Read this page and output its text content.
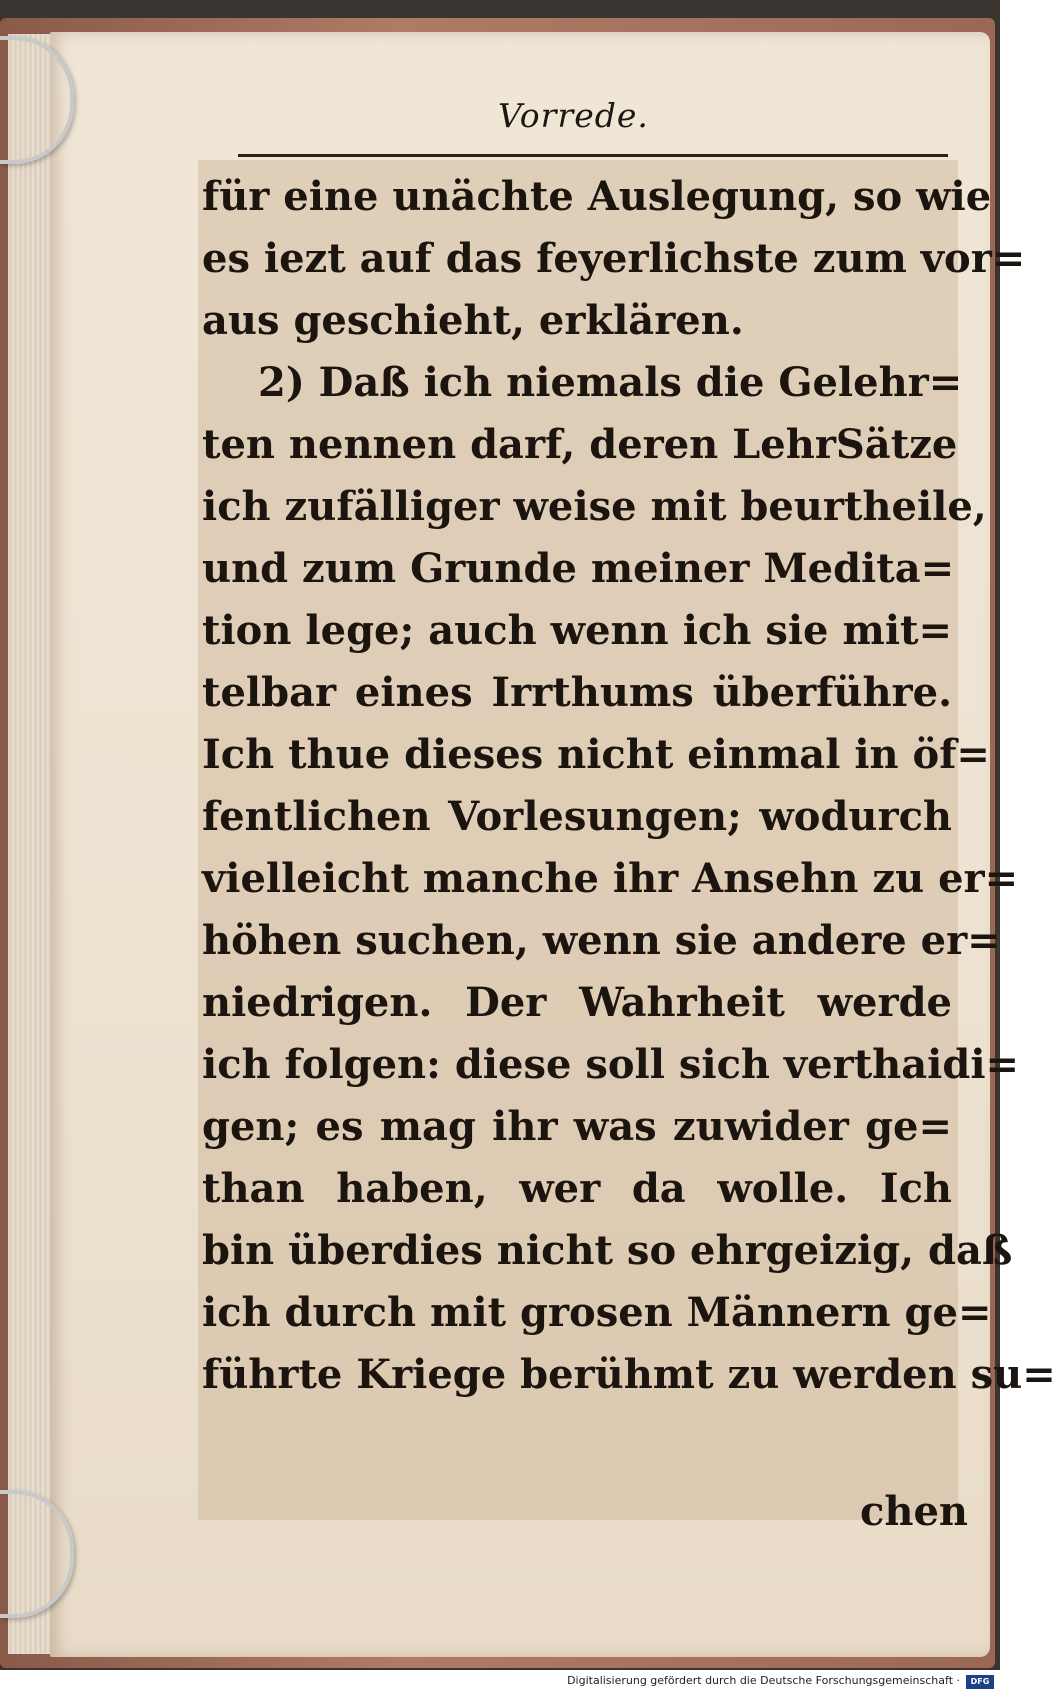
Vorrede.
für eine unächte Auslegung, so wie
es iezt auf das feyerlichste zum vor=
aus geschieht, erklären.
2) Daß ich niemals die Gelehr=
ten nennen darf, deren LehrSätze
ich zufälliger weise mit beurtheile,
und zum Grunde meiner Medita=
tion lege; auch wenn ich sie mit=
telbar eines Irrthums überführe.
Ich thue dieses nicht einmal in öf=
fentlichen Vorlesungen; wodurch
vielleicht manche ihr Ansehn zu er=
höhen suchen, wenn sie andere er=
niedrigen. Der Wahrheit werde
ich folgen: diese soll sich verthaidi=
gen; es mag ihr was zuwider ge=
than haben, wer da wolle. Ich
bin überdies nicht so ehrgeizig, daß
ich durch mit grosen Männern ge=
führte Kriege berühmt zu werden su=
chen
Digitalisierung gefördert durch die Deutsche Forschungsgemeinschaft ·	DFG
